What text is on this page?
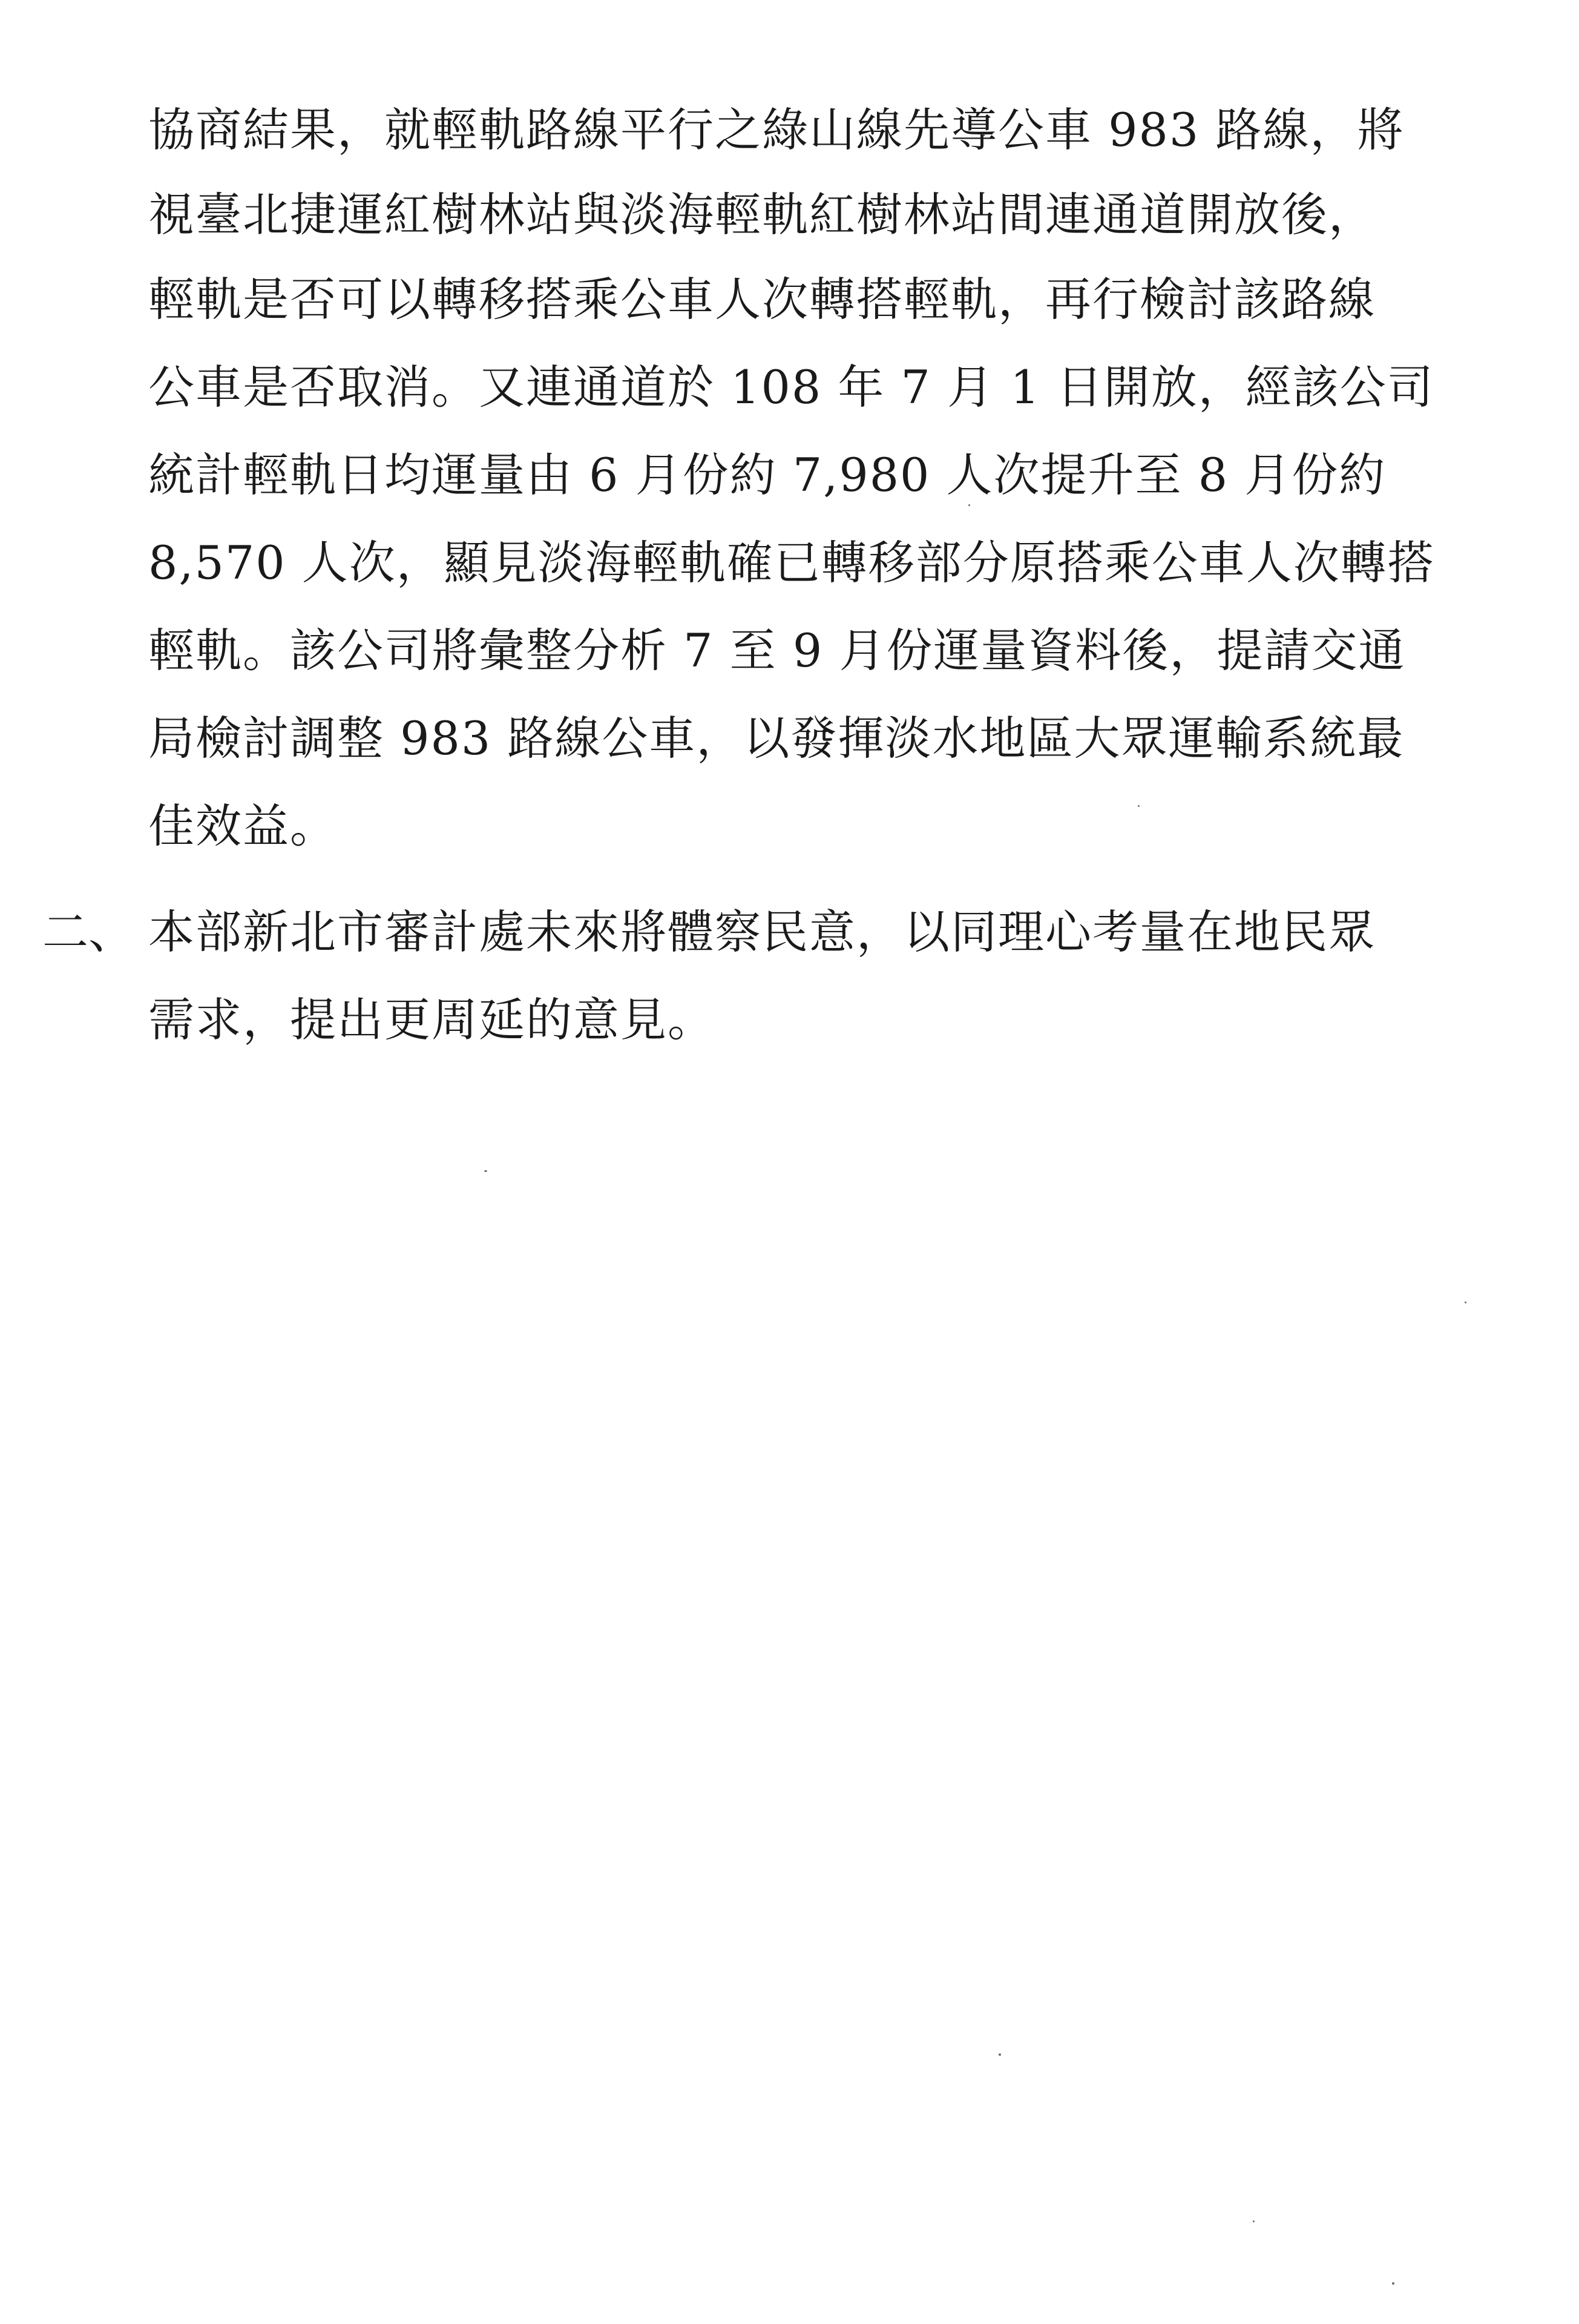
協商結果，就輕軌路線平行之綠山線先導公車 983 路線，將
視臺北捷運紅樹林站與淡海輕軌紅樹林站間連通道開放後，
輕軌是否可以轉移搭乘公車人次轉搭輕軌，再行檢討該路線
公車是否取消。又連通道於 108 年 7 月 1 日開放，經該公司
統計輕軌日均運量由 6 月份約 7,980 人次提升至 8 月份約
8,570 人次，顯見淡海輕軌確已轉移部分原搭乘公車人次轉搭
輕軌。該公司將彙整分析 7 至 9 月份運量資料後，提請交通
局檢討調整 983 路線公車，以發揮淡水地區大眾運輸系統最
佳效益。
二、 本部新北市審計處未來將體察民意，以同理心考量在地民眾
需求，提出更周延的意見。
